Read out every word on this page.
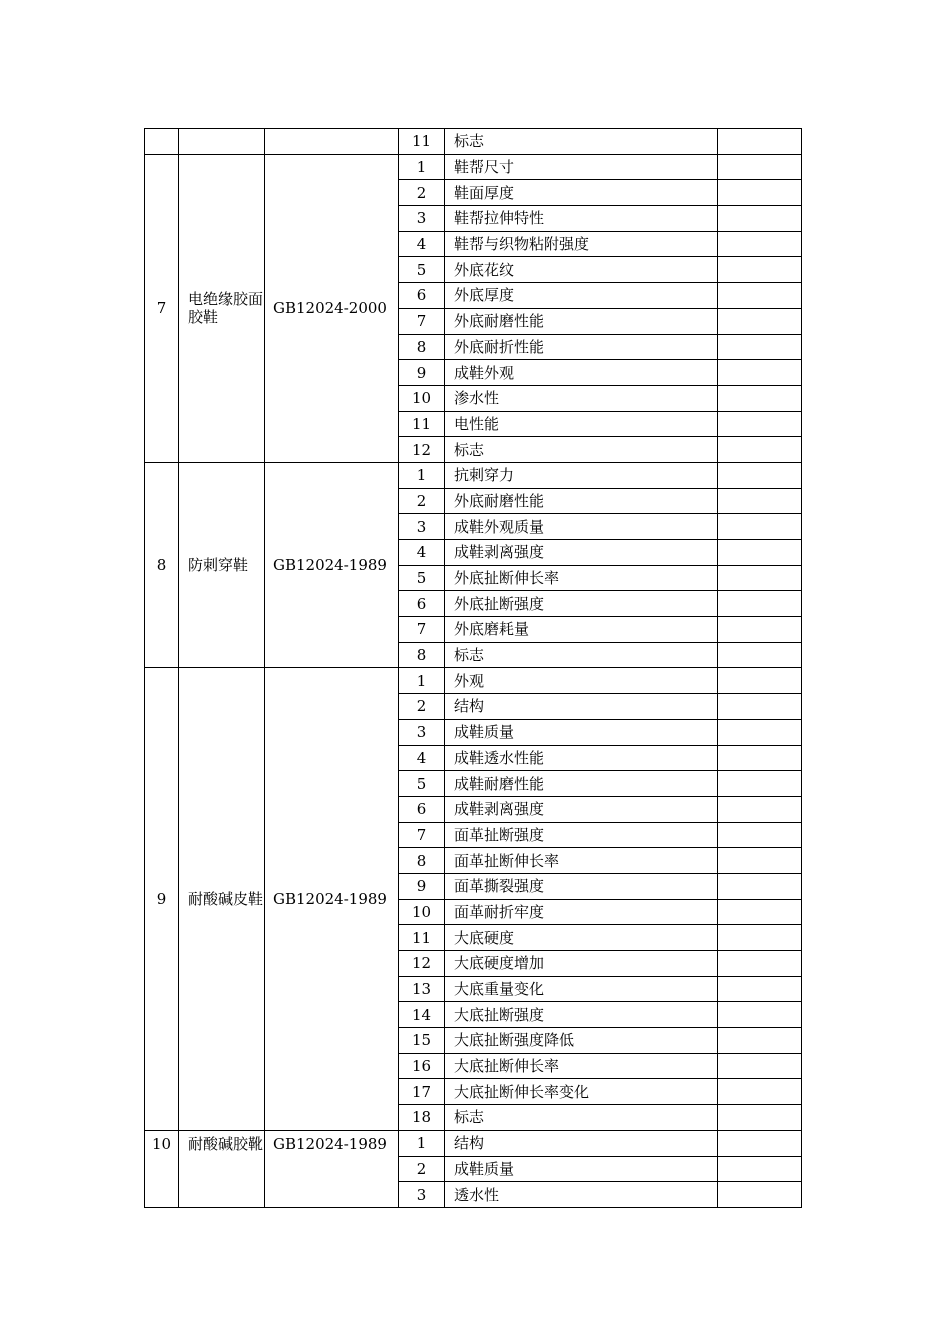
			11	标志	
7	电绝缘胶面胶鞋	GB12024-2000	1	鞋帮尺寸	
			2	鞋面厚度	
			3	鞋帮拉伸特性	
			4	鞋帮与织物粘附强度	
			5	外底花纹	
			6	外底厚度	
			7	外底耐磨性能	
			8	外底耐折性能	
			9	成鞋外观	
			10	渗水性	
			11	电性能	
			12	标志	
8	防刺穿鞋	GB12024-1989	1	抗刺穿力	
			2	外底耐磨性能	
			3	成鞋外观质量	
			4	成鞋剥离强度	
			5	外底扯断伸长率	
			6	外底扯断强度	
			7	外底磨耗量	
			8	标志	
9	耐酸碱皮鞋	GB12024-1989	1	外观	
			2	结构	
			3	成鞋质量	
			4	成鞋透水性能	
			5	成鞋耐磨性能	
			6	成鞋剥离强度	
			7	面革扯断强度	
			8	面革扯断伸长率	
			9	面革撕裂强度	
			10	面革耐折牢度	
			11	大底硬度	
			12	大底硬度增加	
			13	大底重量变化	
			14	大底扯断强度	
			15	大底扯断强度降低	
			16	大底扯断伸长率	
			17	大底扯断伸长率变化	
			18	标志	
10	耐酸碱胶靴	GB12024-1989	1	结构	
			2	成鞋质量	
			3	透水性	
